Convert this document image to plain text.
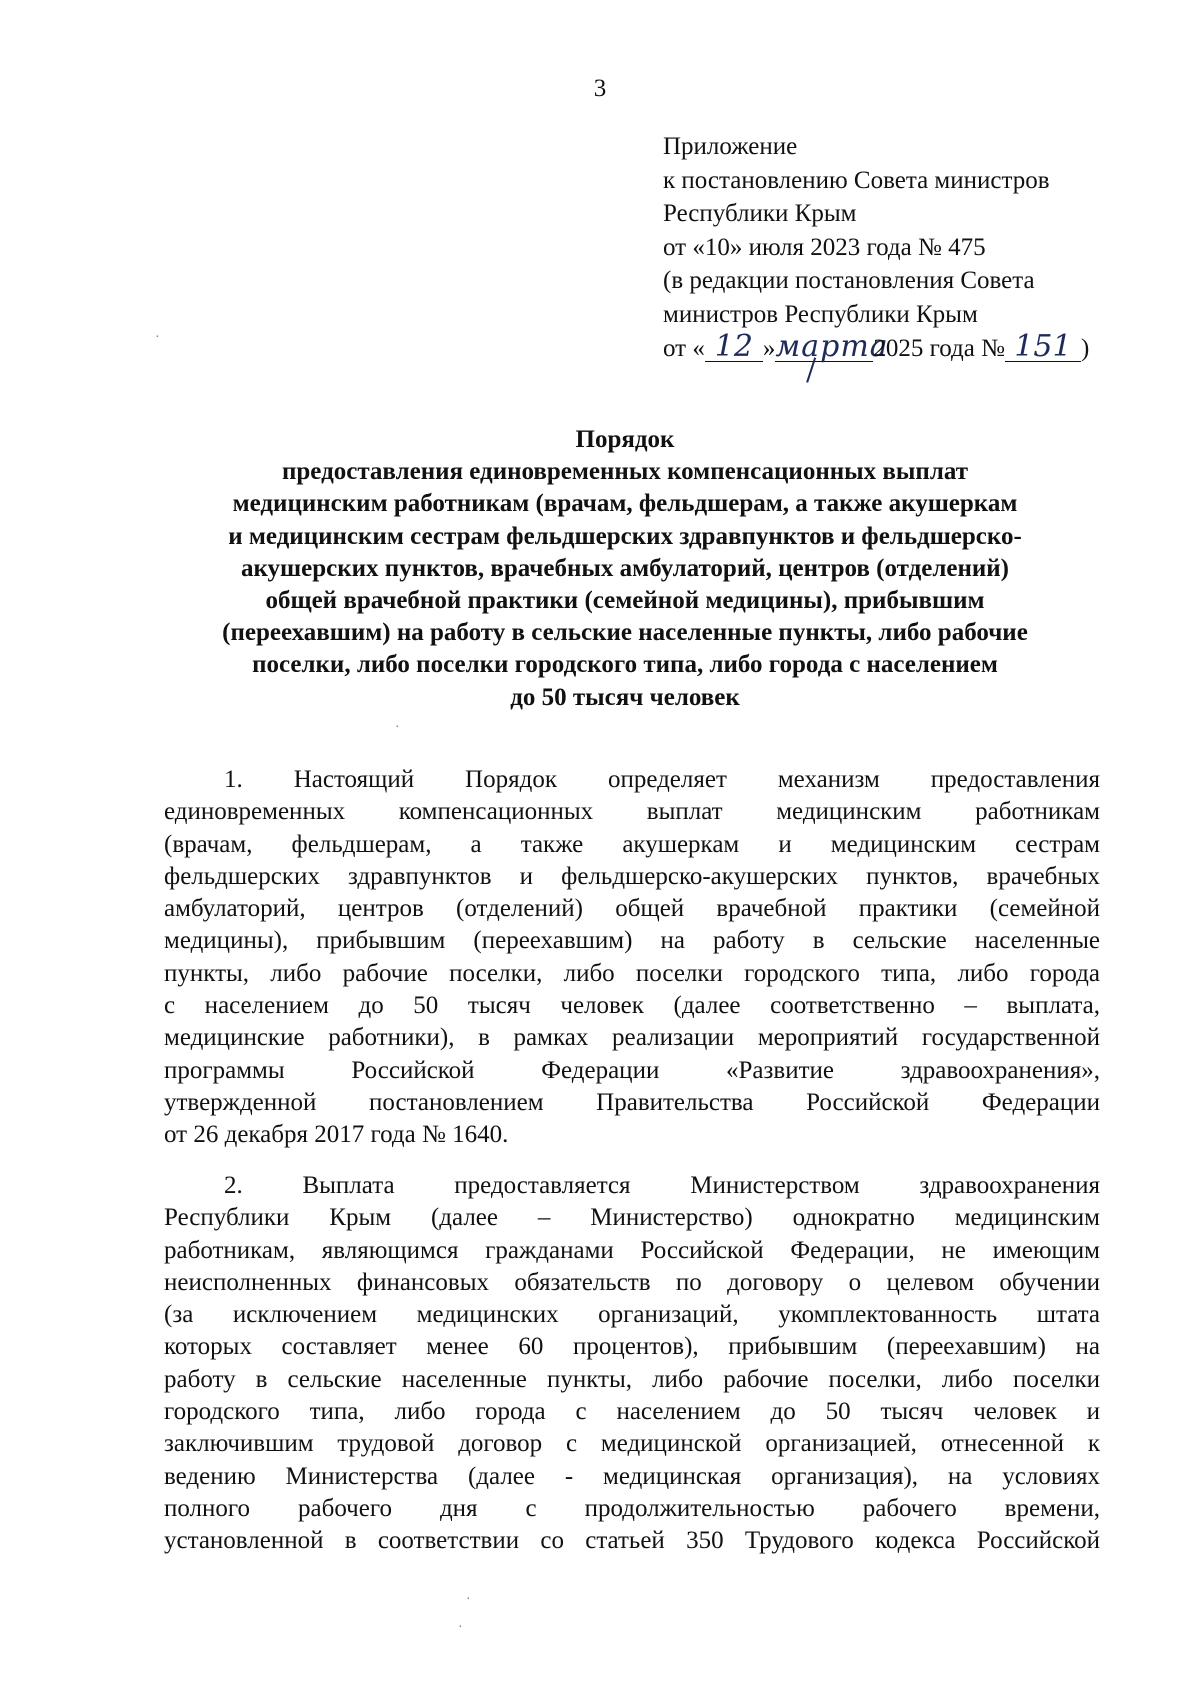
3
Приложение
к постановлению Совета министров
Республики Крым
от «10» июля 2023 года № 475
(в редакции постановления Совета
министров Республики Крым
от « 12 »марта2025 года № 151 )
Порядок
предоставления единовременных компенсационных выплат
медицинским работникам (врачам, фельдшерам, а также акушеркам
и медицинским сестрам фельдшерских здравпунктов и фельдшерско-
акушерских пунктов, врачебных амбулаторий, центров (отделений)
общей врачебной практики (семейной медицины), прибывшим
(переехавшим) на работу в сельские населенные пункты, либо рабочие
поселки, либо поселки городского типа, либо города с населением
до 50 тысяч человек
1. Настоящий Порядок определяет механизм предоставления
единовременных компенсационных выплат медицинским работникам
(врачам, фельдшерам, а также акушеркам и медицинским сестрам
фельдшерских здравпунктов и фельдшерско-акушерских пунктов, врачебных
амбулаторий, центров (отделений) общей врачебной практики (семейной
медицины), прибывшим (переехавшим) на работу в сельские населенные
пункты, либо рабочие поселки, либо поселки городского типа, либо города
с населением до 50 тысяч человек (далее соответственно – выплата,
медицинские работники), в рамках реализации мероприятий государственной
программы Российской Федерации «Развитие здравоохранения»,
утвержденной постановлением Правительства Российской Федерации
от 26 декабря 2017 года № 1640.
2. Выплата предоставляется Министерством здравоохранения
Республики Крым (далее – Министерство) однократно медицинским
работникам, являющимся гражданами Российской Федерации, не имеющим
неисполненных финансовых обязательств по договору о целевом обучении
(за исключением медицинских организаций, укомплектованность штата
которых составляет менее 60 процентов), прибывшим (переехавшим) на
работу в сельские населенные пункты, либо рабочие поселки, либо поселки
городского типа, либо города с населением до 50 тысяч человек и
заключившим трудовой договор с медицинской организацией, отнесенной к
ведению Министерства (далее - медицинская организация), на условиях
полного рабочего дня с продолжительностью рабочего времени,
установленной в соответствии со статьей 350 Трудового кодекса Российской
·
·
·
·
